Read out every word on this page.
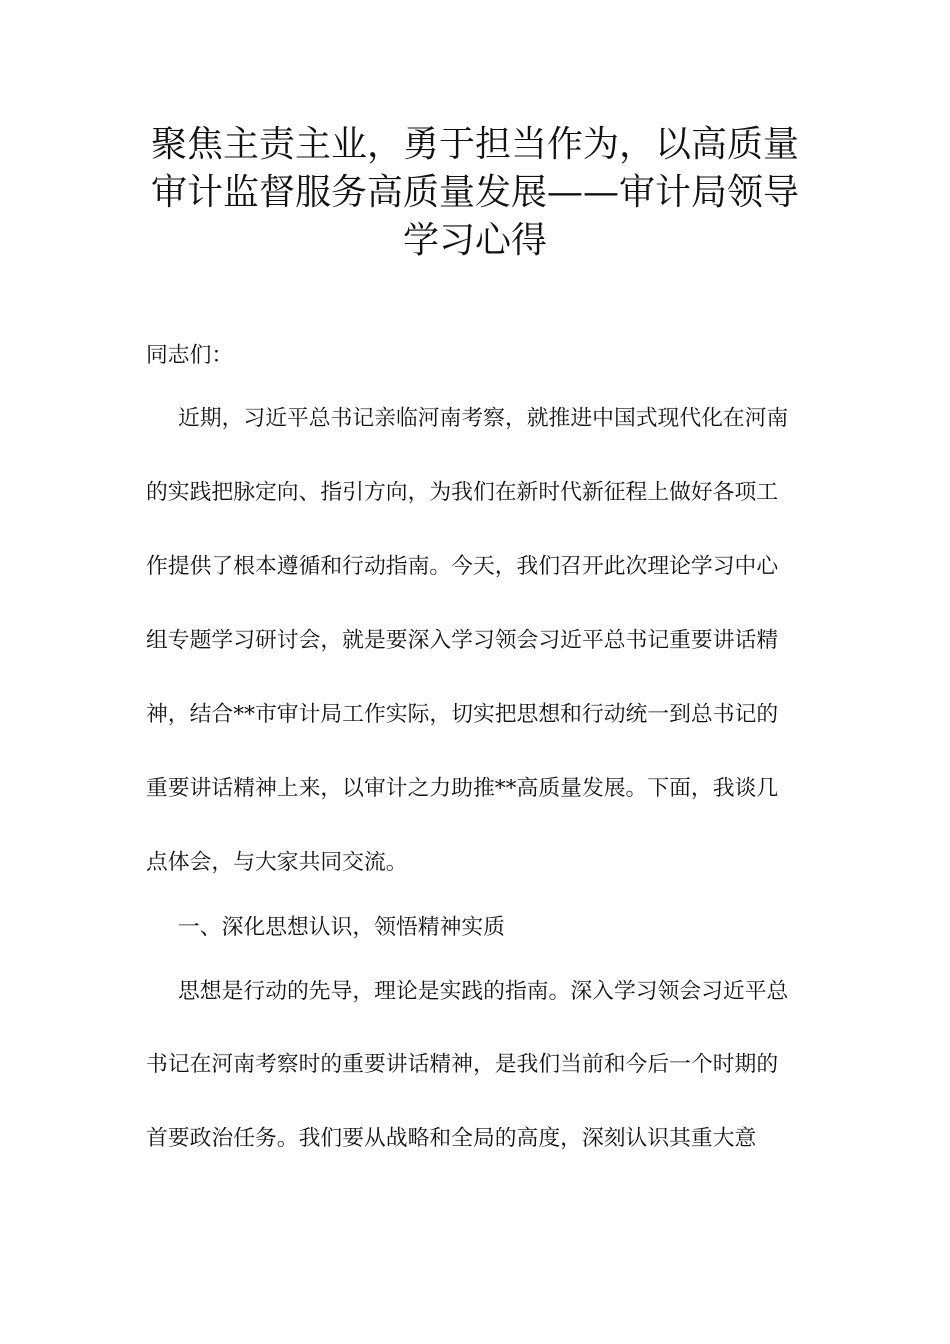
聚焦主责主业，勇于担当作为，以高质量
审计监督服务高质量发展——审计局领导
学习心得
同志们：
近期，习近平总书记亲临河南考察，就推进中国式现代化在河南
的实践把脉定向、指引方向，为我们在新时代新征程上做好各项工
作提供了根本遵循和行动指南。今天，我们召开此次理论学习中心
组专题学习研讨会，就是要深入学习领会习近平总书记重要讲话精
神，结合**市审计局工作实际，切实把思想和行动统一到总书记的
重要讲话精神上来，以审计之力助推**高质量发展。下面，我谈几
点体会，与大家共同交流。
一、深化思想认识，领悟精神实质
思想是行动的先导，理论是实践的指南。深入学习领会习近平总
书记在河南考察时的重要讲话精神，是我们当前和今后一个时期的
首要政治任务。我们要从战略和全局的高度，深刻认识其重大意
